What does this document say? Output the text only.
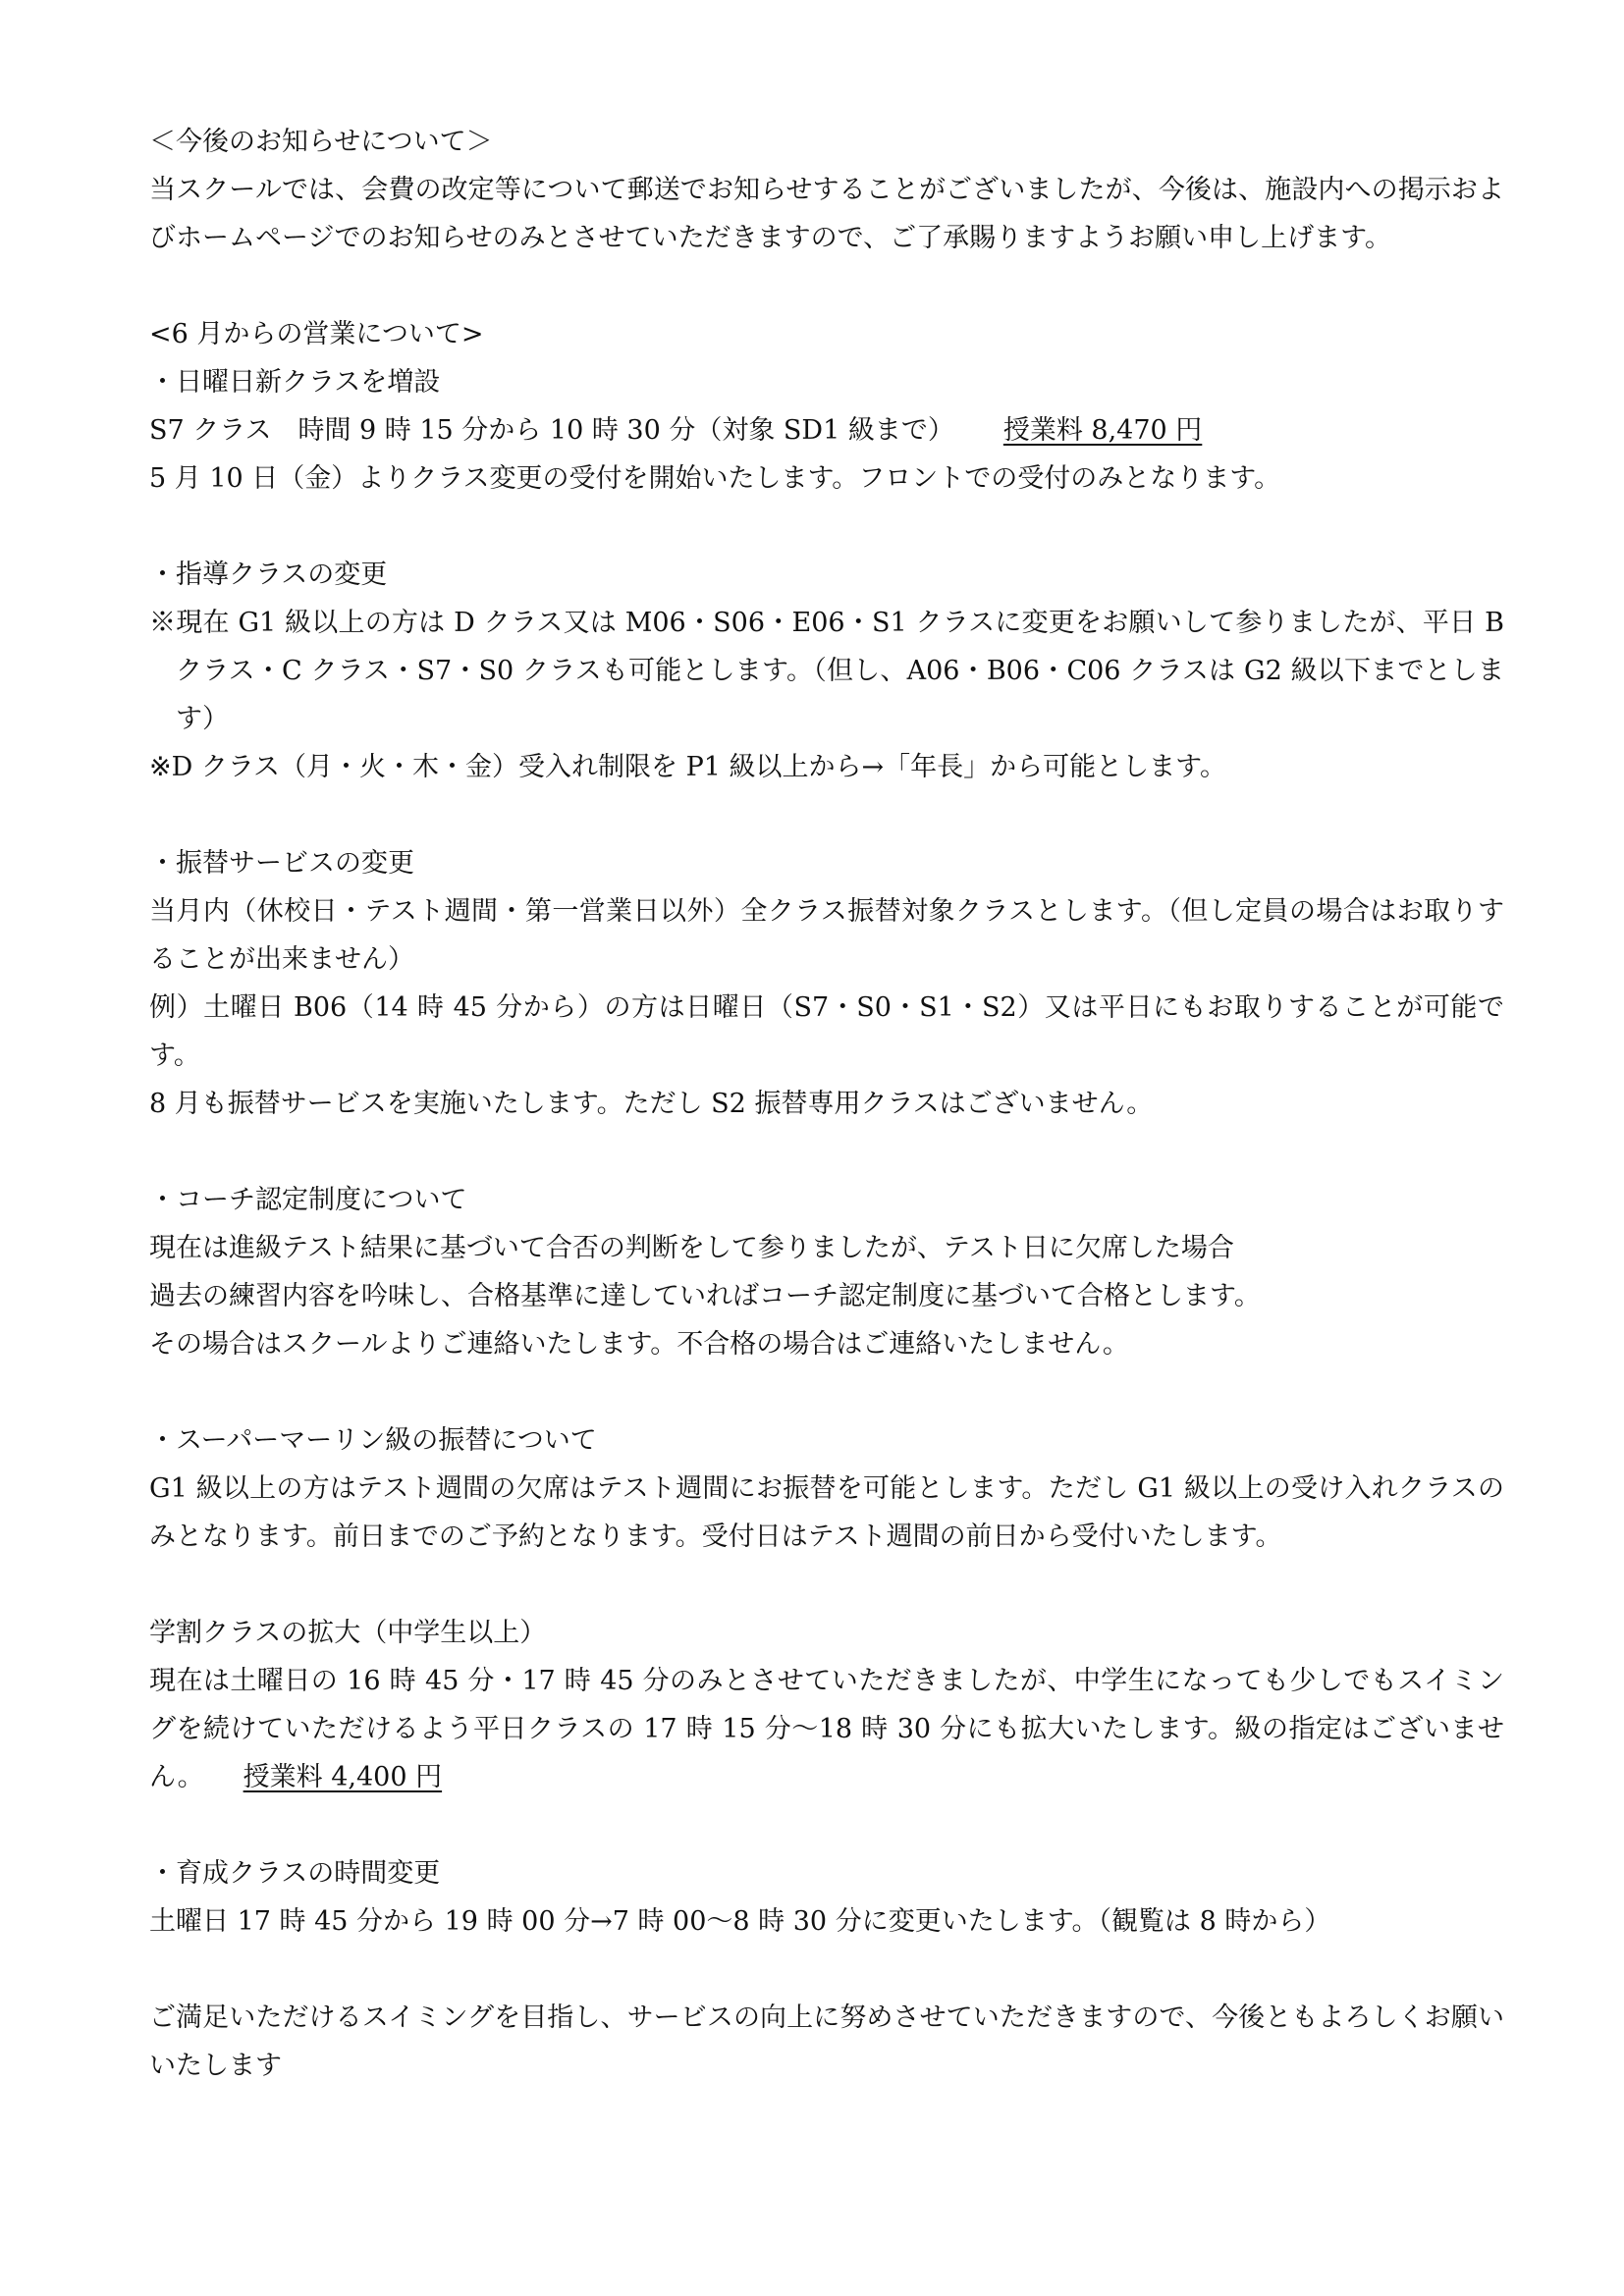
＜今後のお知らせについて＞
当スクールでは、会費の改定等について郵送でお知らせすることがございましたが、今後は、施設内への掲示およびホームページでのお知らせのみとさせていただきますので、ご了承賜りますようお願い申し上げます。
<6 月からの営業について>
・日曜日新クラスを増設
S7 クラス　時間 9 時 15 分から 10 時 30 分（対象 SD1 級まで） 授業料 8,470 円
5 月 10 日（金）よりクラス変更の受付を開始いたします。フロントでの受付のみとなります。
・指導クラスの変更
※現在 G1 級以上の方は D クラス又は M06・S06・E06・S1 クラスに変更をお願いして参りましたが、平日 B クラス・C クラス・S7・S0 クラスも可能とします。（但し、A06・B06・C06 クラスは G2 級以下までとします）
※D クラス（月・火・木・金）受入れ制限を P1 級以上から→「年長」から可能とします。
・振替サービスの変更
当月内（休校日・テスト週間・第一営業日以外）全クラス振替対象クラスとします。（但し定員の場合はお取りすることが出来ません）
例）土曜日 B06（14 時 45 分から）の方は日曜日（S7・S0・S1・S2）又は平日にもお取りすることが可能です。
8 月も振替サービスを実施いたします。ただし S2 振替専用クラスはございません。
・コーチ認定制度について
現在は進級テスト結果に基づいて合否の判断をして参りましたが、テスト日に欠席した場合
過去の練習内容を吟味し、合格基準に達していればコーチ認定制度に基づいて合格とします。
その場合はスクールよりご連絡いたします。不合格の場合はご連絡いたしません。
・スーパーマーリン級の振替について
G1 級以上の方はテスト週間の欠席はテスト週間にお振替を可能とします。ただし G1 級以上の受け入れクラスのみとなります。前日までのご予約となります。受付日はテスト週間の前日から受付いたします。
学割クラスの拡大（中学生以上）
現在は土曜日の 16 時 45 分・17 時 45 分のみとさせていただきましたが、中学生になっても少しでもスイミングを続けていただけるよう平日クラスの 17 時 15 分～18 時 30 分にも拡大いたします。級の指定はございません。 授業料 4,400 円
・育成クラスの時間変更
土曜日 17 時 45 分から 19 時 00 分→7 時 00～8 時 30 分に変更いたします。（観覧は 8 時から）
ご満足いただけるスイミングを目指し、サービスの向上に努めさせていただきますので、今後ともよろしくお願いいたします
